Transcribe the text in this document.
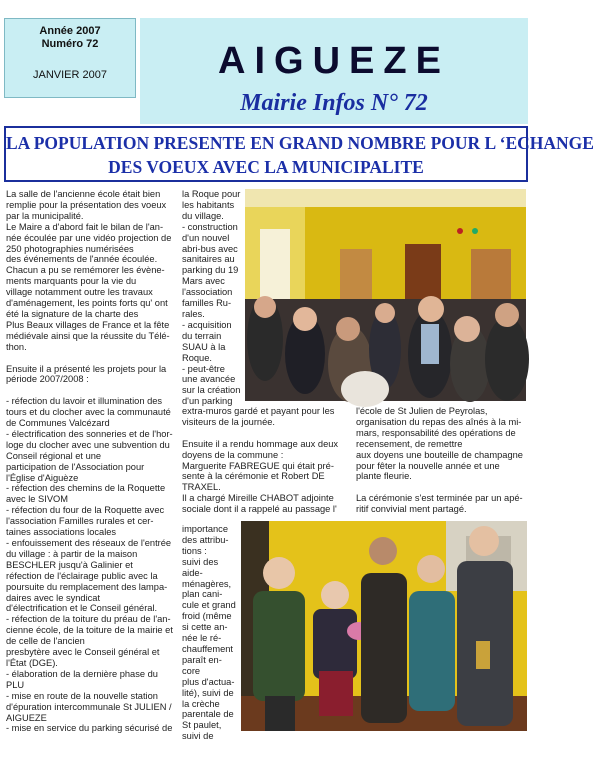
Année 2007
Numéro 72
JANVIER 2007	AIGUEZE
Mairie Infos N° 72
LA POPULATION PRESENTE EN GRAND NOMBRE POUR L ‘ECHANGE
DES VOEUX AVEC LA MUNICIPALITE
La salle de l'ancienne école était bien
remplie pour la présentation des voeux
par la municipalité.
Le Maire a d'abord fait le bilan de l'an-
née écoulée par une vidéo projection de
250 photographies numérisées
des événements de l'année écoulée.
Chacun a pu se remémorer les évène-
ments marquants pour la vie du
village notamment outre les travaux
d'aménagement, les points forts qu' ont
été la signature de la charte des
Plus Beaux villages de France et la fête
médiévale ainsi que la réussite du Télé-
thon.

Ensuite il a présenté les projets pour la
période 2007/2008 :

- réfection du lavoir et illumination des
tours et du clocher avec la communauté
de Communes Valcézard
- électrification des sonneries et de l'hor-
loge du clocher avec une subvention du
Conseil régional et une
participation de l'Association pour
l'Église d'Aiguèze
- réfection des chemins de la Roquette
avec le SIVOM
- réfection du four de la Roquette avec
l'association Familles rurales et cer-
taines associations locales
- enfouissement des réseaux de l'entrée
du village : à partir de la maison
BESCHLER jusqu'à Galinier et
réfection de l'éclairage public avec la
poursuite du remplacement des lampa-
daires avec le syndicat
d'électrification et le Conseil général.
- réfection de la toiture du préau de l'an-
cienne école, de la toiture de la mairie et
de celle de l'ancien
presbytère avec le Conseil général et
l'État (DGE).
- élaboration de la dernière phase du
PLU
- mise en route de la nouvelle station
d'épuration intercommunale St JULIEN /
AIGUEZE
- mise en service du parking sécurisé de
la Roque pour
les habitants
du village.
- construction
d'un nouvel
abri-bus avec
sanitaires au
parking du 19
Mars avec
l'association
familles Ru-
rales.
- acquisition
du terrain
SUAU à la
Roque.
- peut-être
une avancée
sur la création
d'un parking
extra-muros gardé et payant pour les
visiteurs de la journée.

Ensuite il a rendu hommage aux deux
doyens de la commune :
Marguerite FABREGUE qui était pré-
sente à la cérémonie et Robert DE
TRAXEL.
Il a chargé Mireille CHABOT adjointe
sociale dont il a rappelé au passage l'
importance
des attribu-
tions :
suivi des
aide-
ménagères,
plan cani-
cule et grand
froid (même
si cette an-
née le ré-
chauffement
paraît en-
core
plus d'actua-
lité), suivi de
la crèche
parentale de
St paulet,
suivi de
l'école de St Julien de Peyrolas,
organisation du repas des aînés à la mi-
mars, responsabilité des opérations de
recensement, de remettre
aux doyens une bouteille de champagne
pour fêter la nouvelle année et une
plante fleurie.

La cérémonie s'est terminée par un apé-
ritif convivial ment partagé.
